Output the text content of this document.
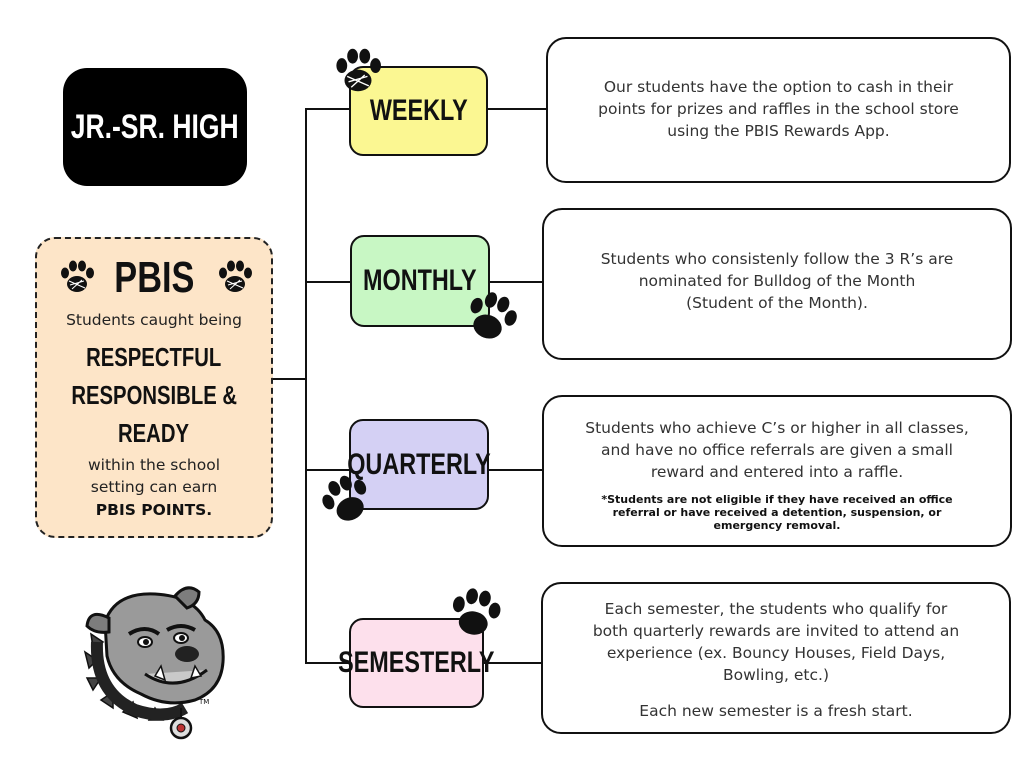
JR.-SR. HIGH
PBIS
Students caught being
RESPECTFUL
RESPONSIBLE &
READY
within the school
setting can earn
PBIS POINTS.
WEEKLY
MONTHLY
QUARTERLY
SEMESTERLY

Our students have the option to cash in their

points for prizes and raffles in the school store

using the PBIS Rewards App.

Students who consistenly follow the 3 R’s are

nominated for Bulldog of the Month

(Student of the Month).

Students who achieve C’s or higher in all classes,

and have no office referrals are given a small

reward and entered into a raffle.

*Students are not eligible if they have received an office

referral or have received a detention, suspension, or

emergency removal.

Each semester, the students who qualify for

both quarterly rewards are invited to attend an

experience (ex. Bouncy Houses, Field Days,

Bowling, etc.)

Each new semester is a fresh start.

TM
